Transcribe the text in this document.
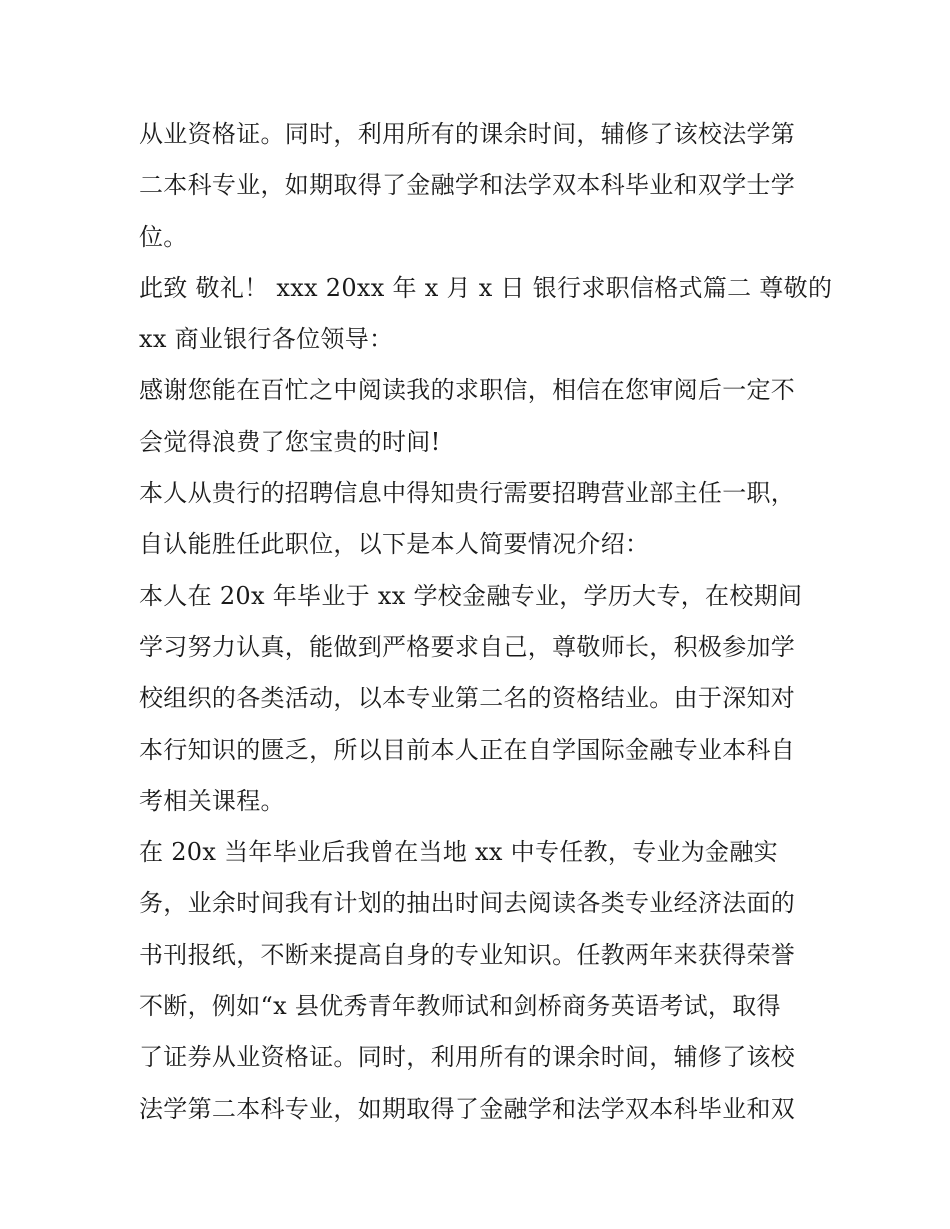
从业资格证。同时，利用所有的课余时间，辅修了该校法学第
二本科专业，如期取得了金融学和法学双本科毕业和双学士学
位。
此致 敬礼！ xxx 20xx 年 x 月 x 日 银行求职信格式篇二 尊敬的
xx 商业银行各位领导：
感谢您能在百忙之中阅读我的求职信，相信在您审阅后一定不
会觉得浪费了您宝贵的时间!
本人从贵行的招聘信息中得知贵行需要招聘营业部主任一职，
自认能胜任此职位，以下是本人简要情况介绍：
本人在 20x 年毕业于 xx 学校金融专业，学历大专，在校期间
学习努力认真，能做到严格要求自己，尊敬师长，积极参加学
校组织的各类活动，以本专业第二名的资格结业。由于深知对
本行知识的匮乏，所以目前本人正在自学国际金融专业本科自
考相关课程。
在 20x 当年毕业后我曾在当地 xx 中专任教，专业为金融实
务，业余时间我有计划的抽出时间去阅读各类专业经济法面的
书刊报纸，不断来提高自身的专业知识。任教两年来获得荣誉
不断，例如“x 县优秀青年教师试和剑桥商务英语考试，取得
了证券从业资格证。同时，利用所有的课余时间，辅修了该校
法学第二本科专业，如期取得了金融学和法学双本科毕业和双
